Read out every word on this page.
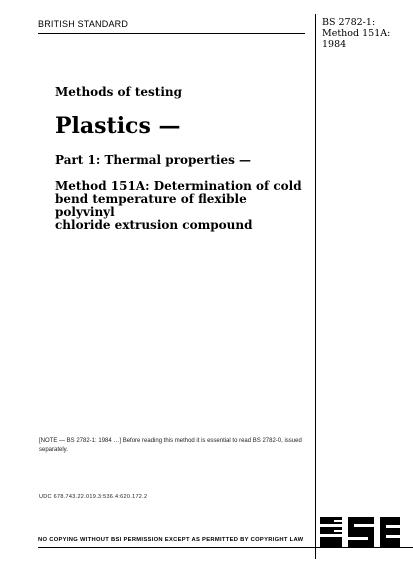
BRITISH STANDARD	BS 2782-1:
Method 151A:
1984
Methods of testing
Plastics —
Part 1: Thermal properties —
Method 151A: Determination of cold
bend temperature of flexible polyvinyl
chloride extrusion compound
[NOTE — BS 2782-1: 1984 …] Before reading this method it is essential to read BS 2782-0, issued
separately.
UDC 678.743.22.019.3:536.4:620.172.2
NO COPYING WITHOUT BSI PERMISSION EXCEPT AS PERMITTED BY COPYRIGHT LAW
